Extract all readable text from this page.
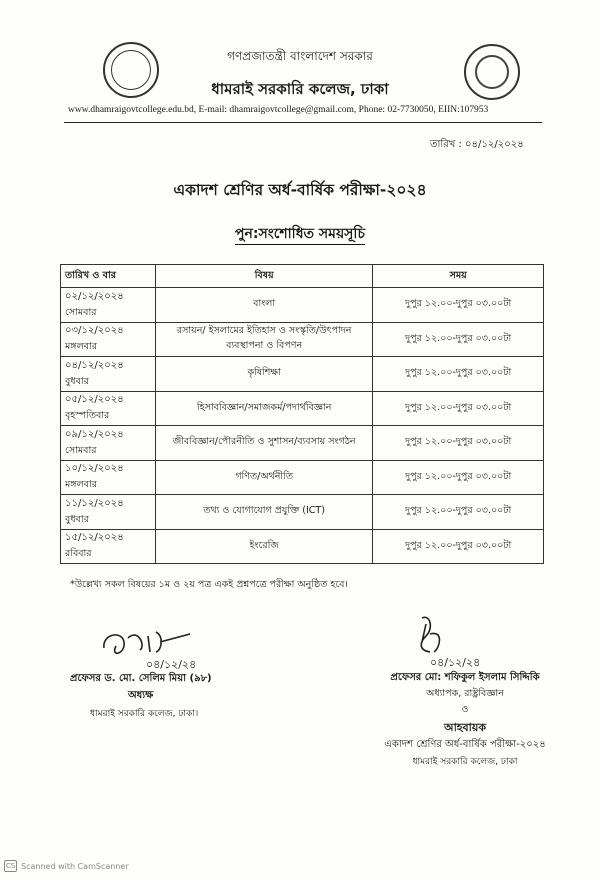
গণপ্রজাতন্ত্রী বাংলাদেশ সরকার
ধামরাই সরকারি কলেজ, ঢাকা
www.dhamraigovtcollege.edu.bd, E-mail: dhamraigovtcollege@gmail.com, Phone: 02-7730050, EIIN:107953
তারিখ : ০৪/১২/২০২৪
একাদশ শ্রেণির অর্ধ-বার্ষিক পরীক্ষা-২০২৪
পুন:সংশোধিত সময়সূচি
তারিখ ও বার	বিষয়	সময়

০২/১২/২০২৪
সোমবার	বাংলা	দুপুর ১২.০০-দুপুর ০৩.০০টা

০৩/১২/২০২৪
মঙ্গলবার	রসায়ন/ ইসলামের ইতিহাস ও সংস্কৃতি/উৎপাদন ব্যবস্থাপনা ও বিপণন	দুপুর ১২.০০-দুপুর ০৩.০০টা

০৪/১২/২০২৪
বুধবার	কৃষিশিক্ষা	দুপুর ১২.০০-দুপুর ০৩.০০টা

০৫/১২/২০২৪
বৃহস্পতিবার	হিসাববিজ্ঞান/সমাজকর্ম/পদার্থবিজ্ঞান	দুপুর ১২.০০-দুপুর ০৩.০০টা

০৯/১২/২০২৪
সোমবার	জীববিজ্ঞান/পৌরনীতি ও সুশাসন/ব্যবসায় সংগঠন	দুপুর ১২.০০-দুপুর ০৩.০০টা

১০/১২/২০২৪
মঙ্গলবার	গণিত/অর্থনীতি	দুপুর ১২.০০-দুপুর ০৩.০০টা

১১/১২/২০২৪
বুধবার	তথ্য ও যোগাযোগ প্রযুক্তি (ICT)	দুপুর ১২.০০-দুপুর ০৩.০০টা

১৫/১২/২০২৪
রবিবার	ইংরেজি	দুপুর ১২.০০-দুপুর ০৩.০০টা
*উল্লেখ্য সকল বিষয়ের ১ম ও ২য় পত্র একই প্রশ্নপত্রে পরীক্ষা অনুষ্ঠিত হবে।
০৪/১২/২৪	০৪/১২/২৪
প্রফেসর ড. মো. সেলিম মিয়া (৯৮)
অধ্যক্ষ
ধামরাই সরকারি কলেজ, ঢাকা।
প্রফেসর মো: শফিকুল ইসলাম সিদ্দিকি
অধ্যাপক, রাষ্ট্রবিজ্ঞান
ও
আহবায়ক
একাদশ শ্রেণির অর্ধ-বার্ষিক পরীক্ষা-২০২৪
ধামরাই সরকারি কলেজ, ঢাকা

CS Scanned with CamScanner
